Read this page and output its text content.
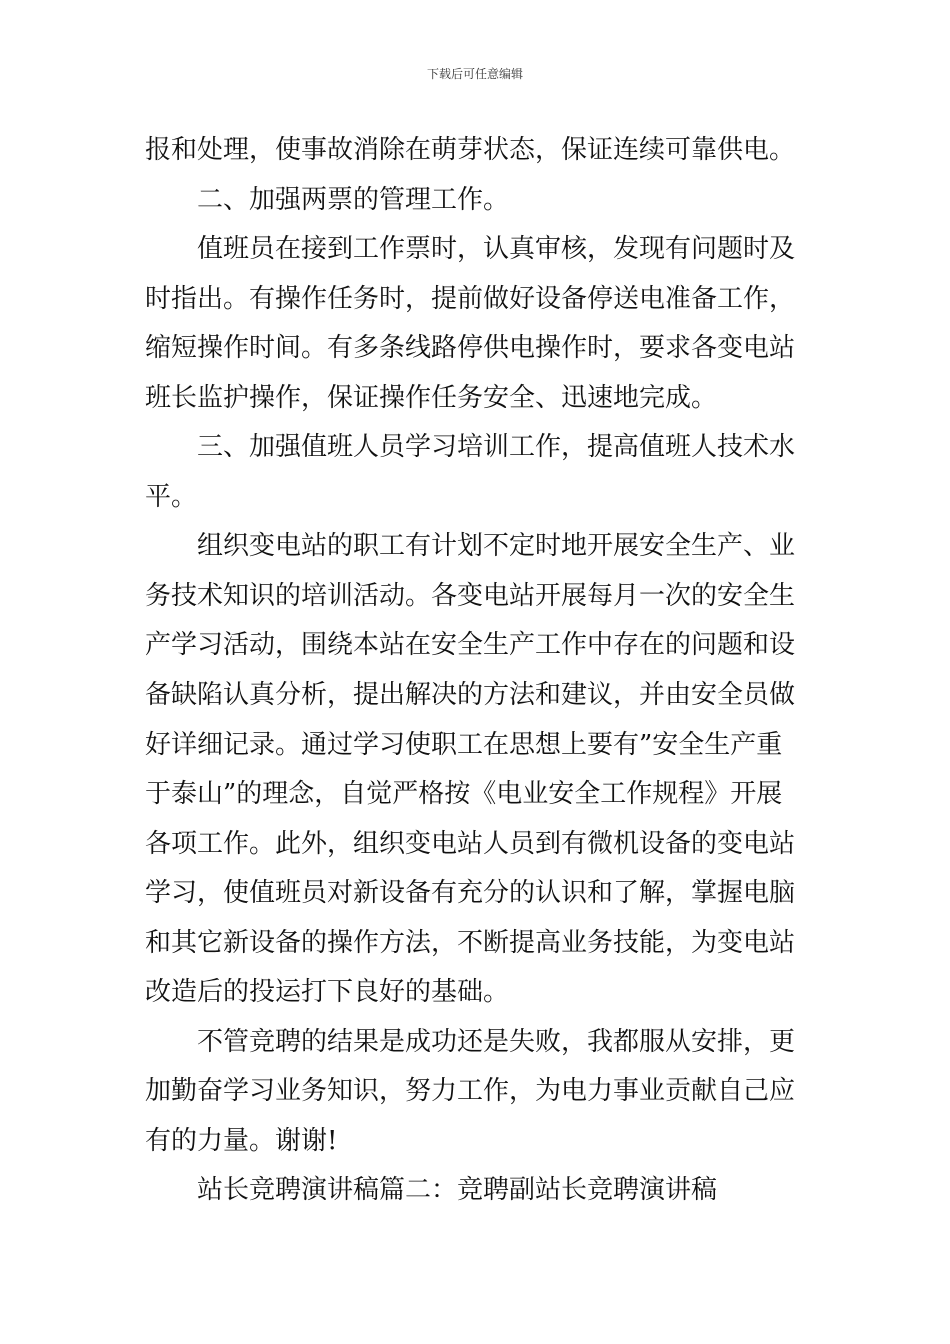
下载后可任意编辑
报和处理，使事故消除在萌芽状态，保证连续可靠供电。
二、加强两票的管理工作。
值班员在接到工作票时，认真审核，发现有问题时及
时指出。有操作任务时，提前做好设备停送电准备工作，
缩短操作时间。有多条线路停供电操作时，要求各变电站
班长监护操作，保证操作任务安全、迅速地完成。
三、加强值班人员学习培训工作，提高值班人技术水
平。
组织变电站的职工有计划不定时地开展安全生产、业
务技术知识的培训活动。各变电站开展每月一次的安全生
产学习活动，围绕本站在安全生产工作中存在的问题和设
备缺陷认真分析，提出解决的方法和建议，并由安全员做
好详细记录。通过学习使职工在思想上要有”安全生产重
于泰山”的理念，自觉严格按《电业安全工作规程》开展
各项工作。此外，组织变电站人员到有微机设备的变电站
学习，使值班员对新设备有充分的认识和了解，掌握电脑
和其它新设备的操作方法，不断提高业务技能，为变电站
改造后的投运打下良好的基础。
不管竞聘的结果是成功还是失败，我都服从安排，更
加勤奋学习业务知识，努力工作，为电力事业贡献自己应
有的力量。谢谢!
站长竞聘演讲稿篇二：竞聘副站长竞聘演讲稿
